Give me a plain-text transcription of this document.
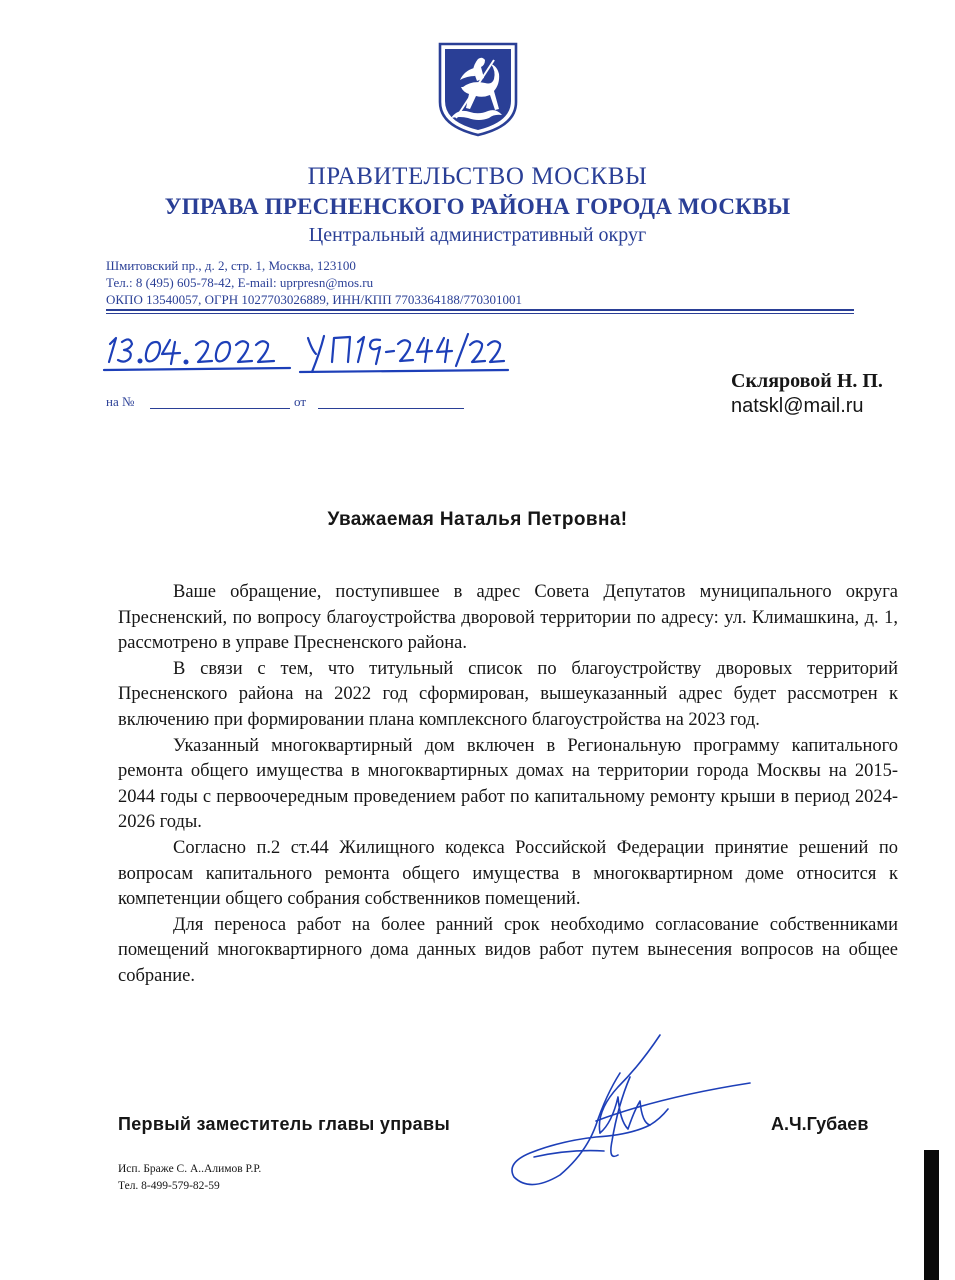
ПРАВИТЕЛЬСТВО МОСКВЫ
УПРАВА ПРЕСНЕНСКОГО РАЙОНА ГОРОДА МОСКВЫ
Центральный административный округ
Шмитовский пр., д. 2, стр. 1, Москва, 123100
Тел.: 8 (495) 605-78-42, E-mail: uprpresn@mos.ru
ОКПО 13540057, ОГРН 1027703026889, ИНН/КПП 7703364188/770301001
на №	от
Скляровой Н. П.
natskl@mail.ru
Уважаемая Наталья Петровна!

Ваше обращение, поступившее в адрес Совета Депутатов муниципального округа Пресненский, по вопросу благоустройства дворовой территории по адресу: ул. Климашкина, д. 1, рассмотрено в управе Пресненского района.

В связи с тем, что титульный список по благоустройству дворовых территорий Пресненского района на 2022 год сформирован, вышеуказанный адрес будет рассмотрен к включению при формировании плана комплексного благоустройства на 2023 год.

Указанный многоквартирный дом включен в Региональную программу капитального ремонта общего имущества в многоквартирных домах на территории города Москвы на 2015-2044 годы с первоочередным проведением работ по капитальному ремонту крыши в период 2024-2026 годы.

Согласно п.2 ст.44 Жилищного кодекса Российской Федерации принятие решений по вопросам капитального ремонта общего имущества в многоквартирном доме относится к компетенции общего собрания собственников помещений.

Для переноса работ на более ранний срок необходимо согласование собственниками помещений многоквартирного дома данных видов работ путем вынесения вопросов на общее собрание.

Первый заместитель главы управы	А.Ч.Губаев
Исп. Браже С. А..Алимов Р.Р.
Тел. 8-499-579-82-59
